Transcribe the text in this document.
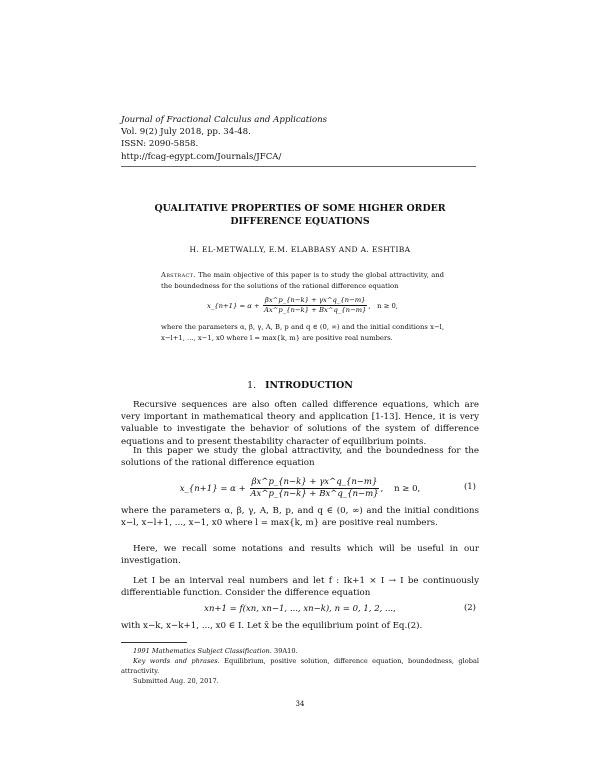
Journal of Fractional Calculus and Applications
Vol. 9(2) July 2018, pp. 34-48.
ISSN: 2090-5858.
http://fcag-egypt.com/Journals/JFCA/
QUALITATIVE PROPERTIES OF SOME HIGHER ORDER
DIFFERENCE EQUATIONS
H. EL-METWALLY, E.M. ELABBASY AND A. ESHTIBA
Abstract. The main objective of this paper is to study the global attractivity, and the boundedness for the solutions of the rational difference equation
x_{n+1} = α +
$\frac{\beta x\^{}p\_\{n-k\} + \gamma x\^{}q\_\{n-m\}}{Ax\^{}p\_\{n-k\} + Bx\^{}q\_\{n-m\}}$ , n ≥ 0,
where the parameters α, β, γ, A, B, p and q ∈ (0, ∞) and the initial conditions x−l, x−l+1, ..., x−1, x0 where l = max{k, m} are positive real numbers.
1. INTRODUCTION
Recursive sequences are also often called difference equations, which are very important in mathematical theory and application [1-13]. Hence, it is very valuable to investigate the behavior of solutions of the system of difference equations and to present thestability character of equilibrium points.
In this paper we study the global attractivity, and the boundedness for the solutions of the rational difference equation
x_{n+1} = α +
$\frac{\beta x\^{}p\_\{n-k\} + \gamma x\^{}q\_\{n-m\}}{Ax\^{}p\_\{n-k\} + Bx\^{}q\_\{n-m\}}$ , n ≥ 0,	(1)
where the parameters α, β, γ, A, B, p, and q ∈ (0, ∞) and the initial conditions x−l, x−l+1, ..., x−1, x0 where l = max{k, m} are positive real numbers.
Here, we recall some notations and results which will be useful in our investigation.
Let I be an interval real numbers and let f : Ik+1 × I → I be continuously differentiable function. Consider the difference equation
xn+1 = f(xn, xn−1, ..., xn−k), n = 0, 1, 2, ...,	(2)
with x−k, x−k+1, ..., x0 ∈ I. Let x̄ be the equilibrium point of Eq.(2).
1991 Mathematics Subject Classification. 39A10.
Key words and phrases. Equilibrium, positive solution, difference equation, boundedness, global attractivity.
Submitted Aug. 20, 2017.
34
